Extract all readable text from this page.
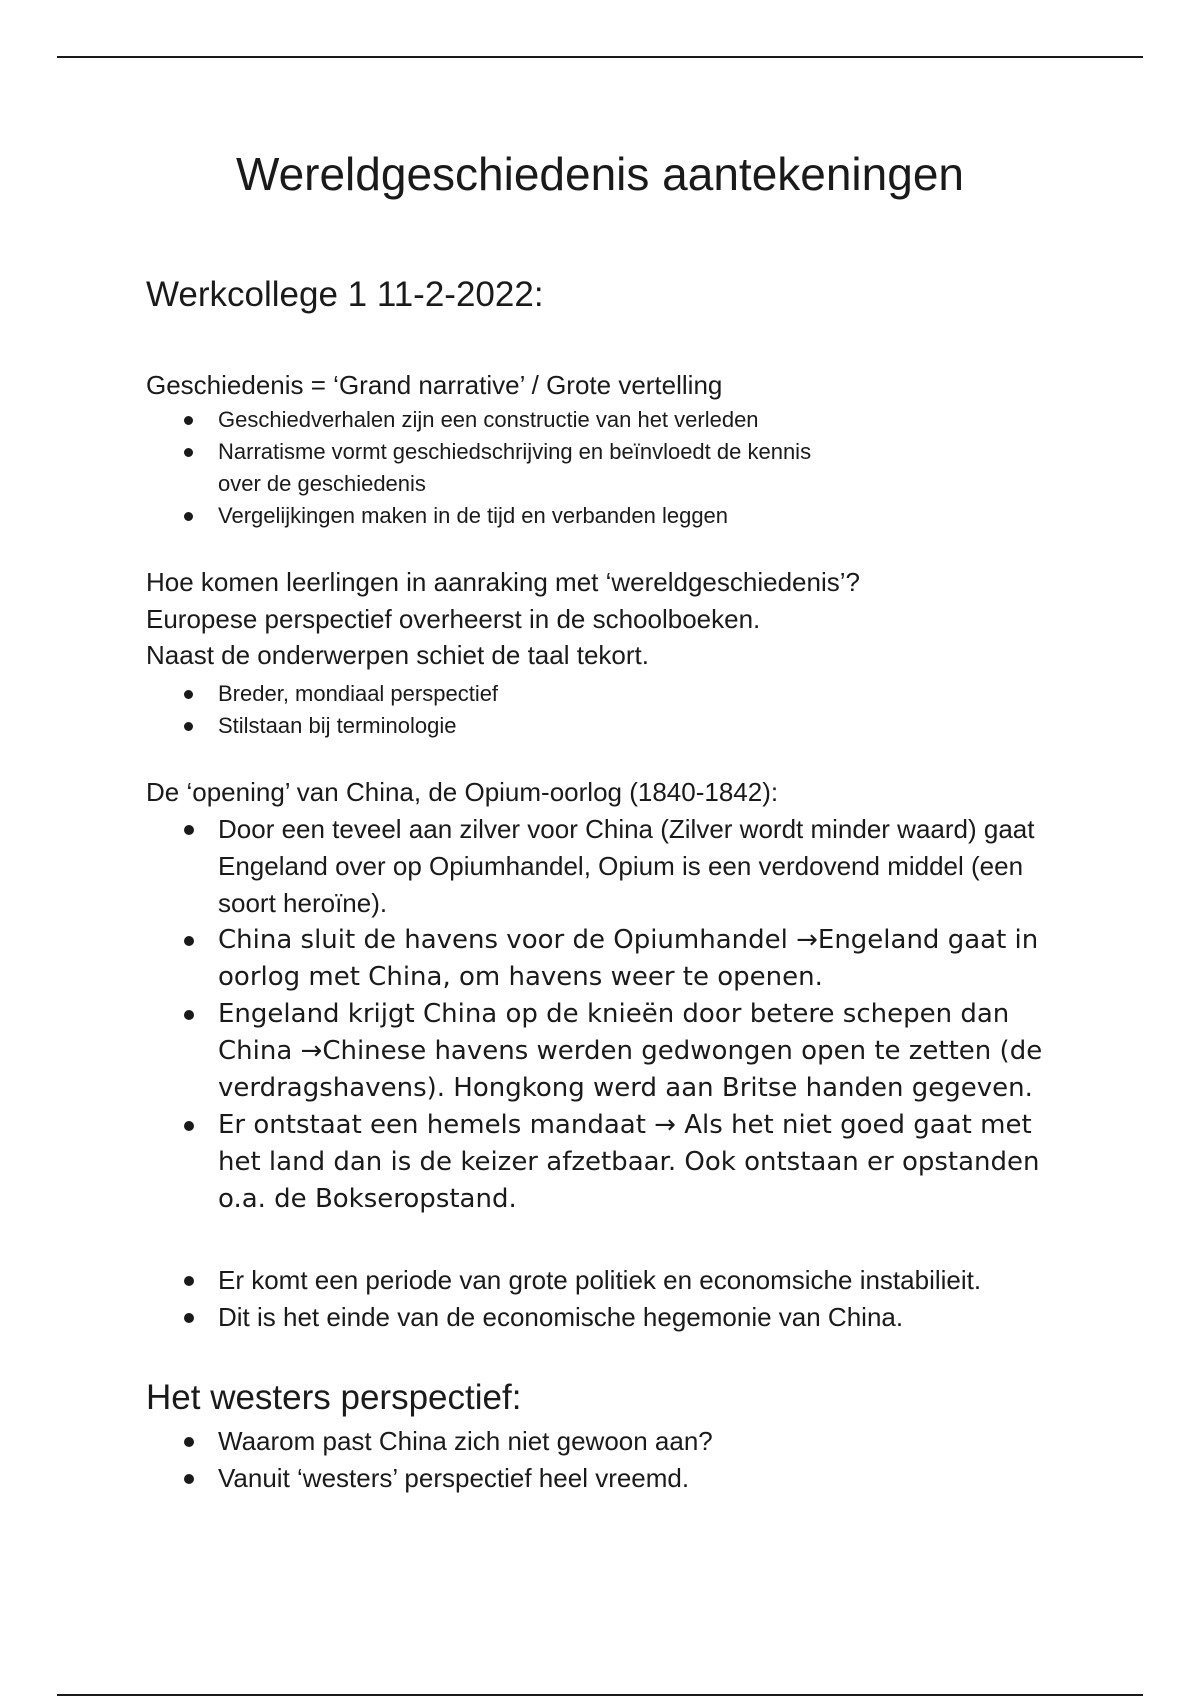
Wereldgeschiedenis aantekeningen
Werkcollege 1 11-2-2022:
Geschiedenis = ‘Grand narrative’ / Grote vertelling
Geschiedverhalen zijn een constructie van het verleden
Narratisme vormt geschiedschrijving en beïnvloedt de kennis over de geschiedenis
Vergelijkingen maken in de tijd en verbanden leggen
Hoe komen leerlingen in aanraking met ‘wereldgeschiedenis’?
Europese perspectief overheerst in de schoolboeken.
Naast de onderwerpen schiet de taal tekort.
Breder, mondiaal perspectief
Stilstaan bij terminologie
De ‘opening’ van China, de Opium-oorlog (1840-1842):
Door een teveel aan zilver voor China (Zilver wordt minder waard) gaat Engeland over op Opiumhandel, Opium is een verdovend middel (een soort heroïne).
China sluit de havens voor de Opiumhandel →Engeland gaat in oorlog met China, om havens weer te openen.
Engeland krijgt China op de knieën door betere schepen dan China →Chinese havens werden gedwongen open te zetten (de verdragshavens). Hongkong werd aan Britse handen gegeven.
Er ontstaat een hemels mandaat → Als het niet goed gaat met het land dan is de keizer afzetbaar. Ook ontstaan er opstanden o.a. de Bokseropstand.
Er komt een periode van grote politiek en economsiche instabilieit.
Dit is het einde van de economische hegemonie van China.
Het westers perspectief:
Waarom past China zich niet gewoon aan?
Vanuit ‘westers’ perspectief heel vreemd.
